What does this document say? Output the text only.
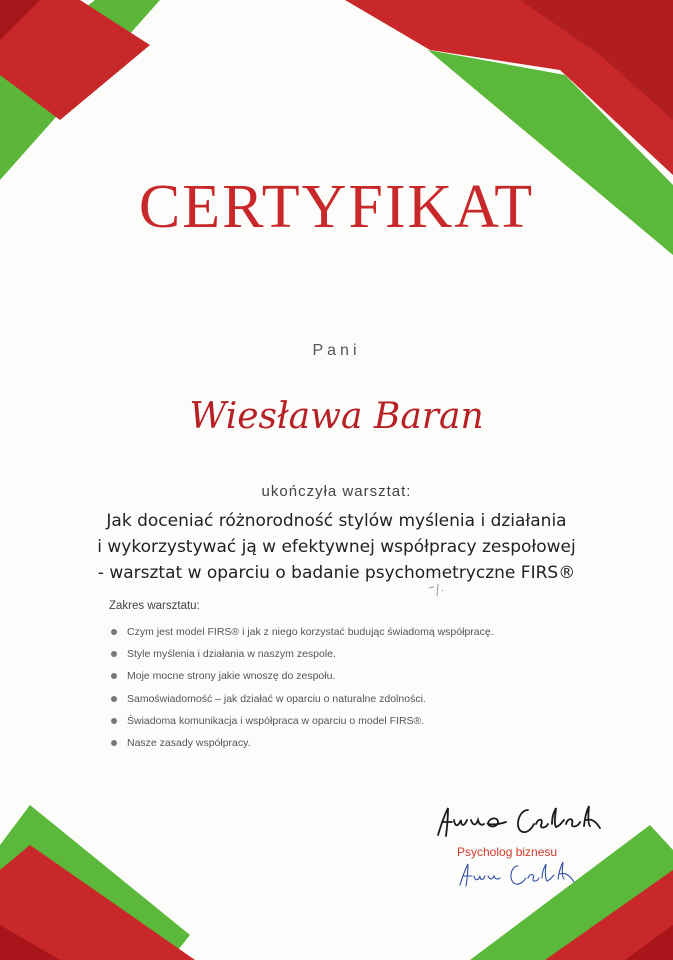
CERTYFIKAT
Pani
Wiesława Baran
ukończyła warsztat:
Jak doceniać różnorodność stylów myślenia i działania
i wykorzystywać ją w efektywnej współpracy zespołowej
- warsztat w oparciu o badanie psychometryczne FIRS®
Zakres warsztatu:
Czym jest model FIRS® i jak z niego korzystać budując świadomą współpracę.
Style myślenia i działania w naszym zespole.
Moje mocne strony jakie wnoszę do zespołu.
Samoświadomość – jak działać w oparciu o naturalne zdolności.
Świadoma komunikacja i współpraca w oparciu o model FIRS®.
Nasze zasady współpracy.
Psycholog biznesu
